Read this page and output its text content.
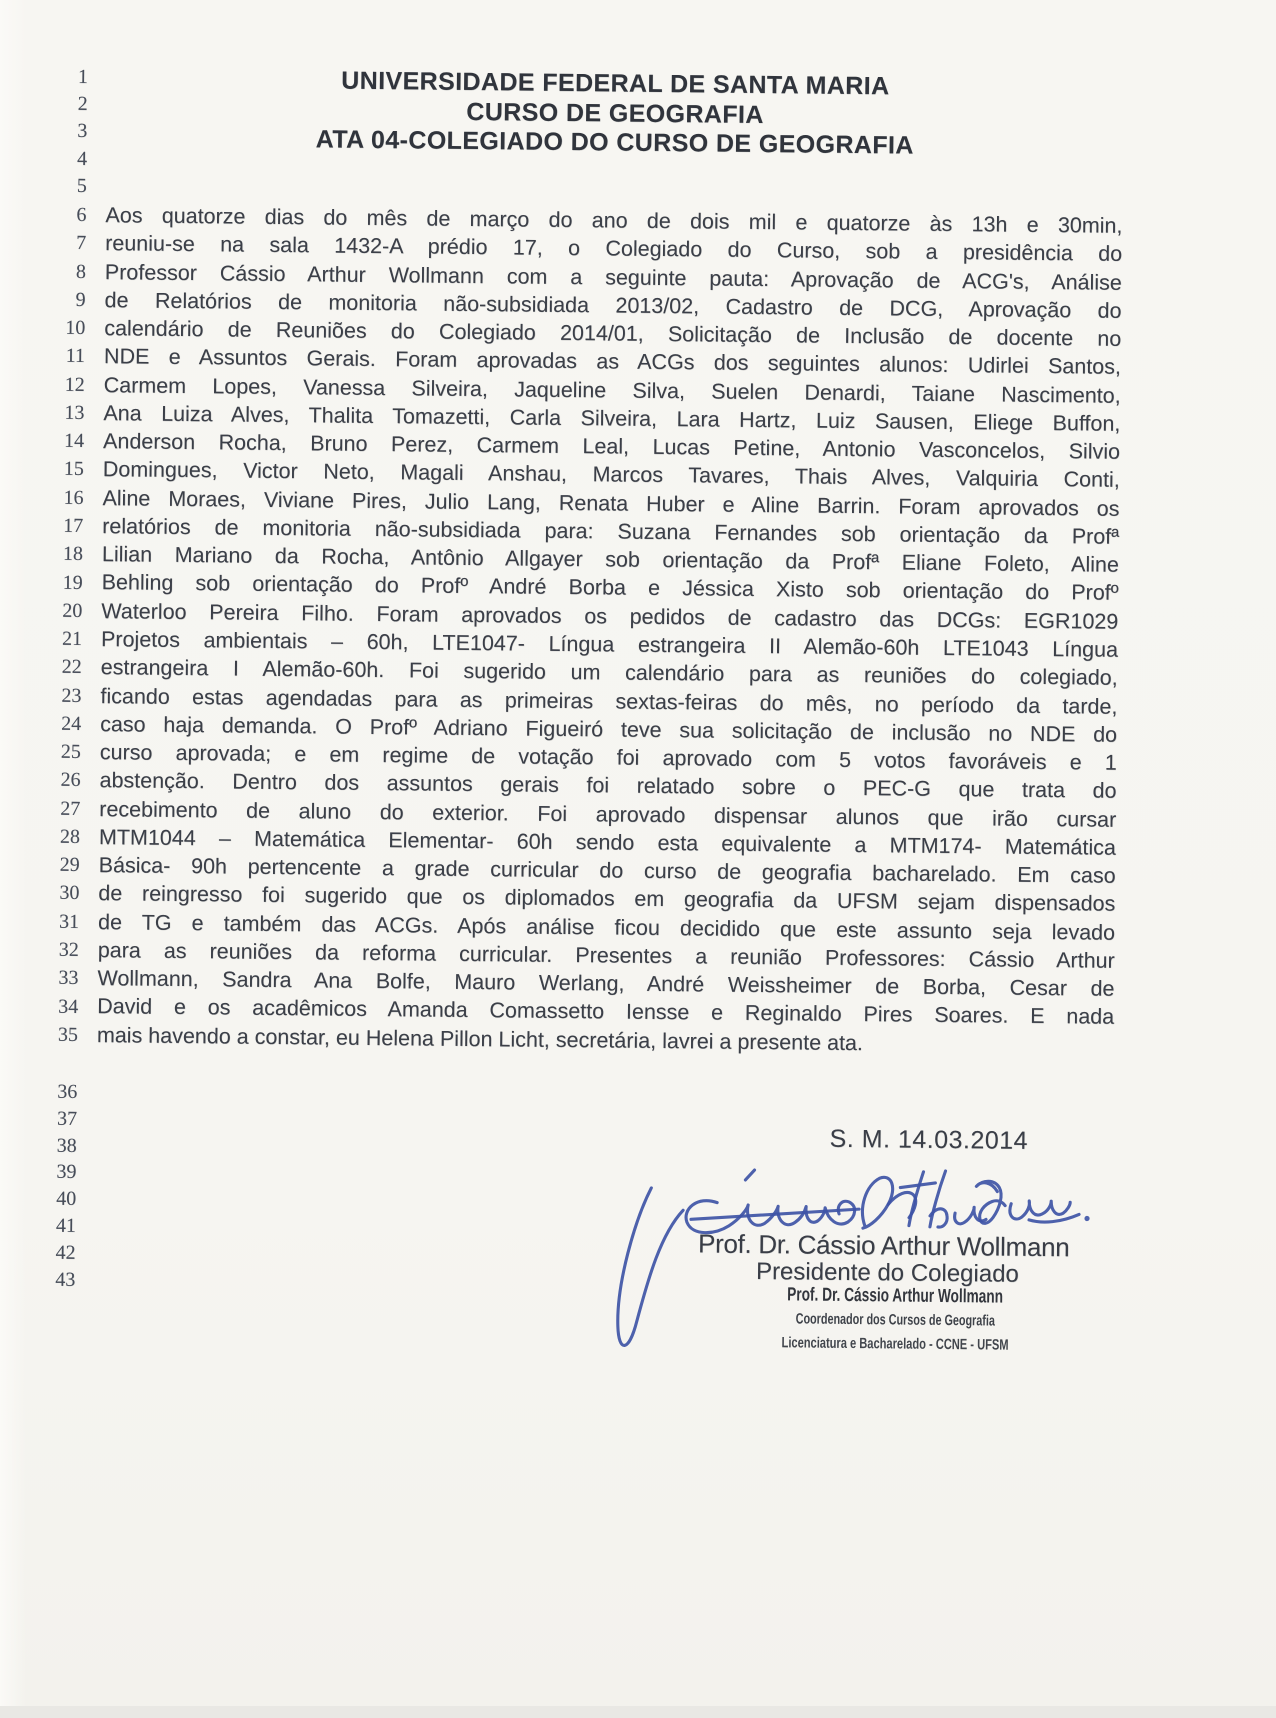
1
2
3
4
5
6
7
8
9
10
11
12
13
14
15
16
17
18
19
20
21
22
23
24
25
26
27
28
29
30
31
32
33
34
35
36
37
38
39
40
41
42
43
UNIVERSIDADE FEDERAL DE SANTA MARIA
CURSO DE GEOGRAFIA
ATA 04-COLEGIADO DO CURSO DE GEOGRAFIA
Aos quatorze dias do mês de março do ano de dois mil e quatorze às 13h e 30min,
reuniu-se na sala 1432-A prédio 17, o Colegiado do Curso, sob a presidência do
Professor Cássio Arthur Wollmann com a seguinte pauta: Aprovação de ACG's, Análise
de Relatórios de monitoria não-subsidiada 2013/02, Cadastro de DCG, Aprovação do
calendário de Reuniões do Colegiado 2014/01, Solicitação de Inclusão de docente no
NDE e Assuntos Gerais. Foram aprovadas as ACGs dos seguintes alunos: Udirlei Santos,
Carmem Lopes, Vanessa Silveira, Jaqueline Silva, Suelen Denardi, Taiane Nascimento,
Ana Luiza Alves, Thalita Tomazetti, Carla Silveira, Lara Hartz, Luiz Sausen, Eliege Buffon,
Anderson Rocha, Bruno Perez, Carmem Leal, Lucas Petine, Antonio Vasconcelos, Silvio
Domingues, Victor Neto, Magali Anshau, Marcos Tavares, Thais Alves, Valquiria Conti,
Aline Moraes, Viviane Pires, Julio Lang, Renata Huber e Aline Barrin. Foram aprovados os
relatórios de monitoria não-subsidiada para: Suzana Fernandes sob orientação da Profª
Lilian Mariano da Rocha, Antônio Allgayer sob orientação da Profª Eliane Foleto, Aline
Behling sob orientação do Profº André Borba e Jéssica Xisto sob orientação do Profº
Waterloo Pereira Filho. Foram aprovados os pedidos de cadastro das DCGs: EGR1029
Projetos ambientais – 60h, LTE1047- Língua estrangeira II Alemão-60h LTE1043 Língua
estrangeira I Alemão-60h. Foi sugerido um calendário para as reuniões do colegiado,
ficando estas agendadas para as primeiras sextas-feiras do mês, no período da tarde,
caso haja demanda. O Profº Adriano Figueiró teve sua solicitação de inclusão no NDE do
curso aprovada; e em regime de votação foi aprovado com 5 votos favoráveis e 1
abstenção. Dentro dos assuntos gerais foi relatado sobre o PEC-G que trata do
recebimento de aluno do exterior. Foi aprovado dispensar alunos que irão cursar
MTM1044 – Matemática Elementar- 60h sendo esta equivalente a MTM174- Matemática
Básica- 90h pertencente a grade curricular do curso de geografia bacharelado. Em caso
de reingresso foi sugerido que os diplomados em geografia da UFSM sejam dispensados
de TG e também das ACGs. Após análise ficou decidido que este assunto seja levado
para as reuniões da reforma curricular. Presentes a reunião Professores: Cássio Arthur
Wollmann, Sandra Ana Bolfe, Mauro Werlang, André Weissheimer de Borba, Cesar de
David e os acadêmicos Amanda Comassetto Iensse e Reginaldo Pires Soares. E nada
mais havendo a constar, eu Helena Pillon Licht, secretária, lavrei a presente ata.
S. M. 14.03.2014
Prof. Dr. Cássio Arthur Wollmann
Presidente do Colegiado
Prof. Dr. Cássio Arthur Wollmann
Coordenador dos Cursos de Geografia
Licenciatura e Bacharelado - CCNE - UFSM
